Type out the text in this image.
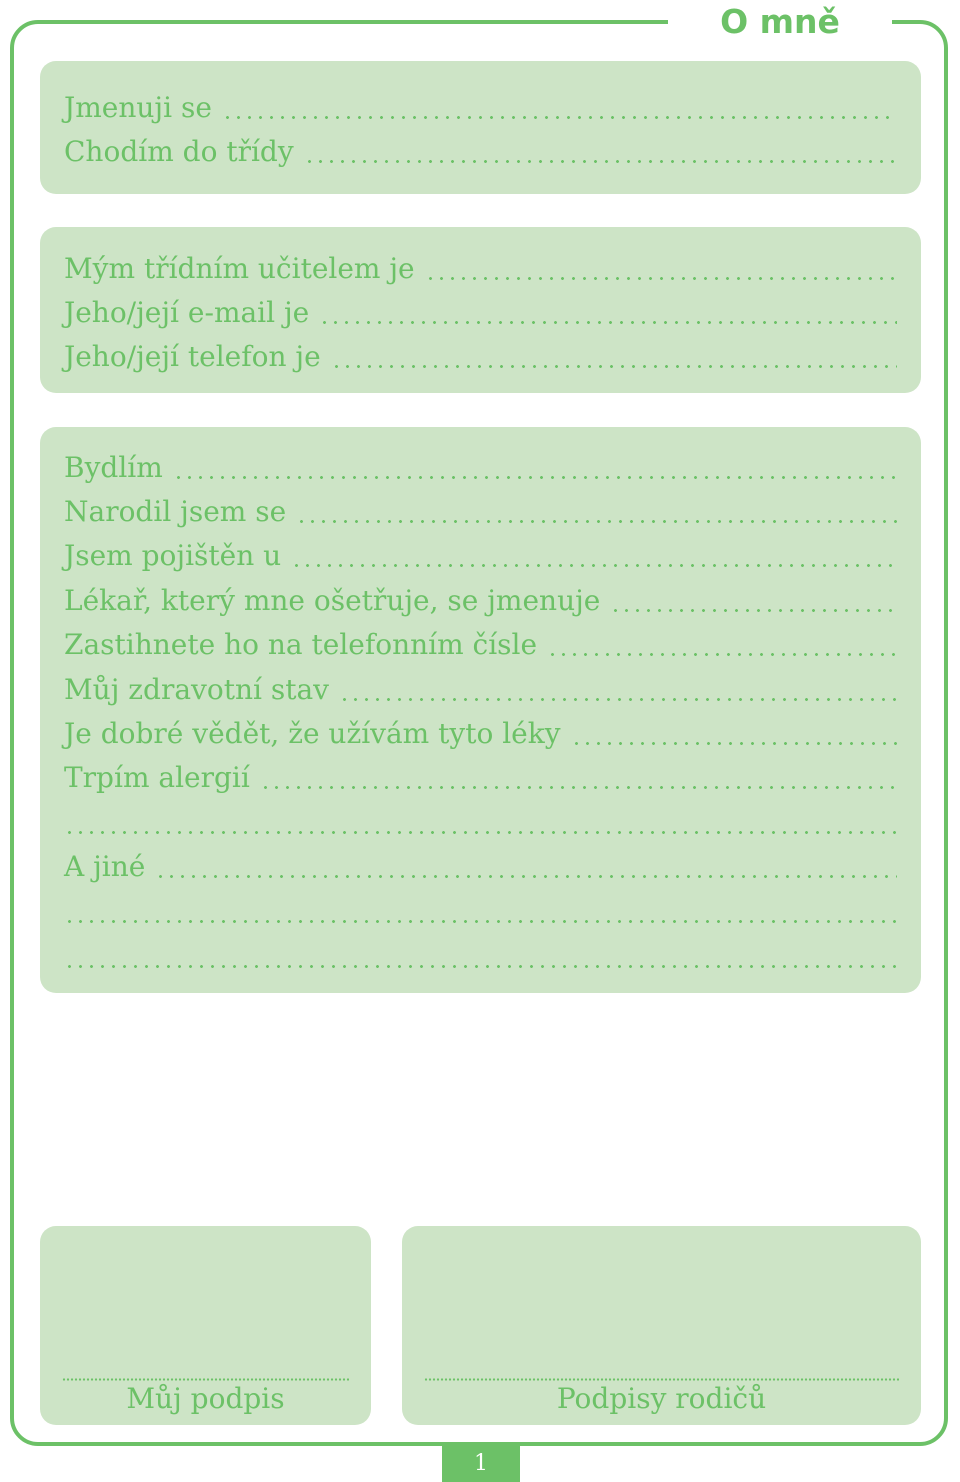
O mně
Jmenuji se
Chodím do třídy
Mým třídním učitelem je
Jeho/její e-mail je
Jeho/její telefon je
Bydlím
Narodil jsem se
Jsem pojištěn u
Lékař, který mne ošetřuje, se jmenuje
Zastihnete ho na telefonním čísle
Můj zdravotní stav
Je dobré vědět, že užívám tyto léky
Trpím alergií
A jiné
Můj podpis	Podpisy rodičů
1
